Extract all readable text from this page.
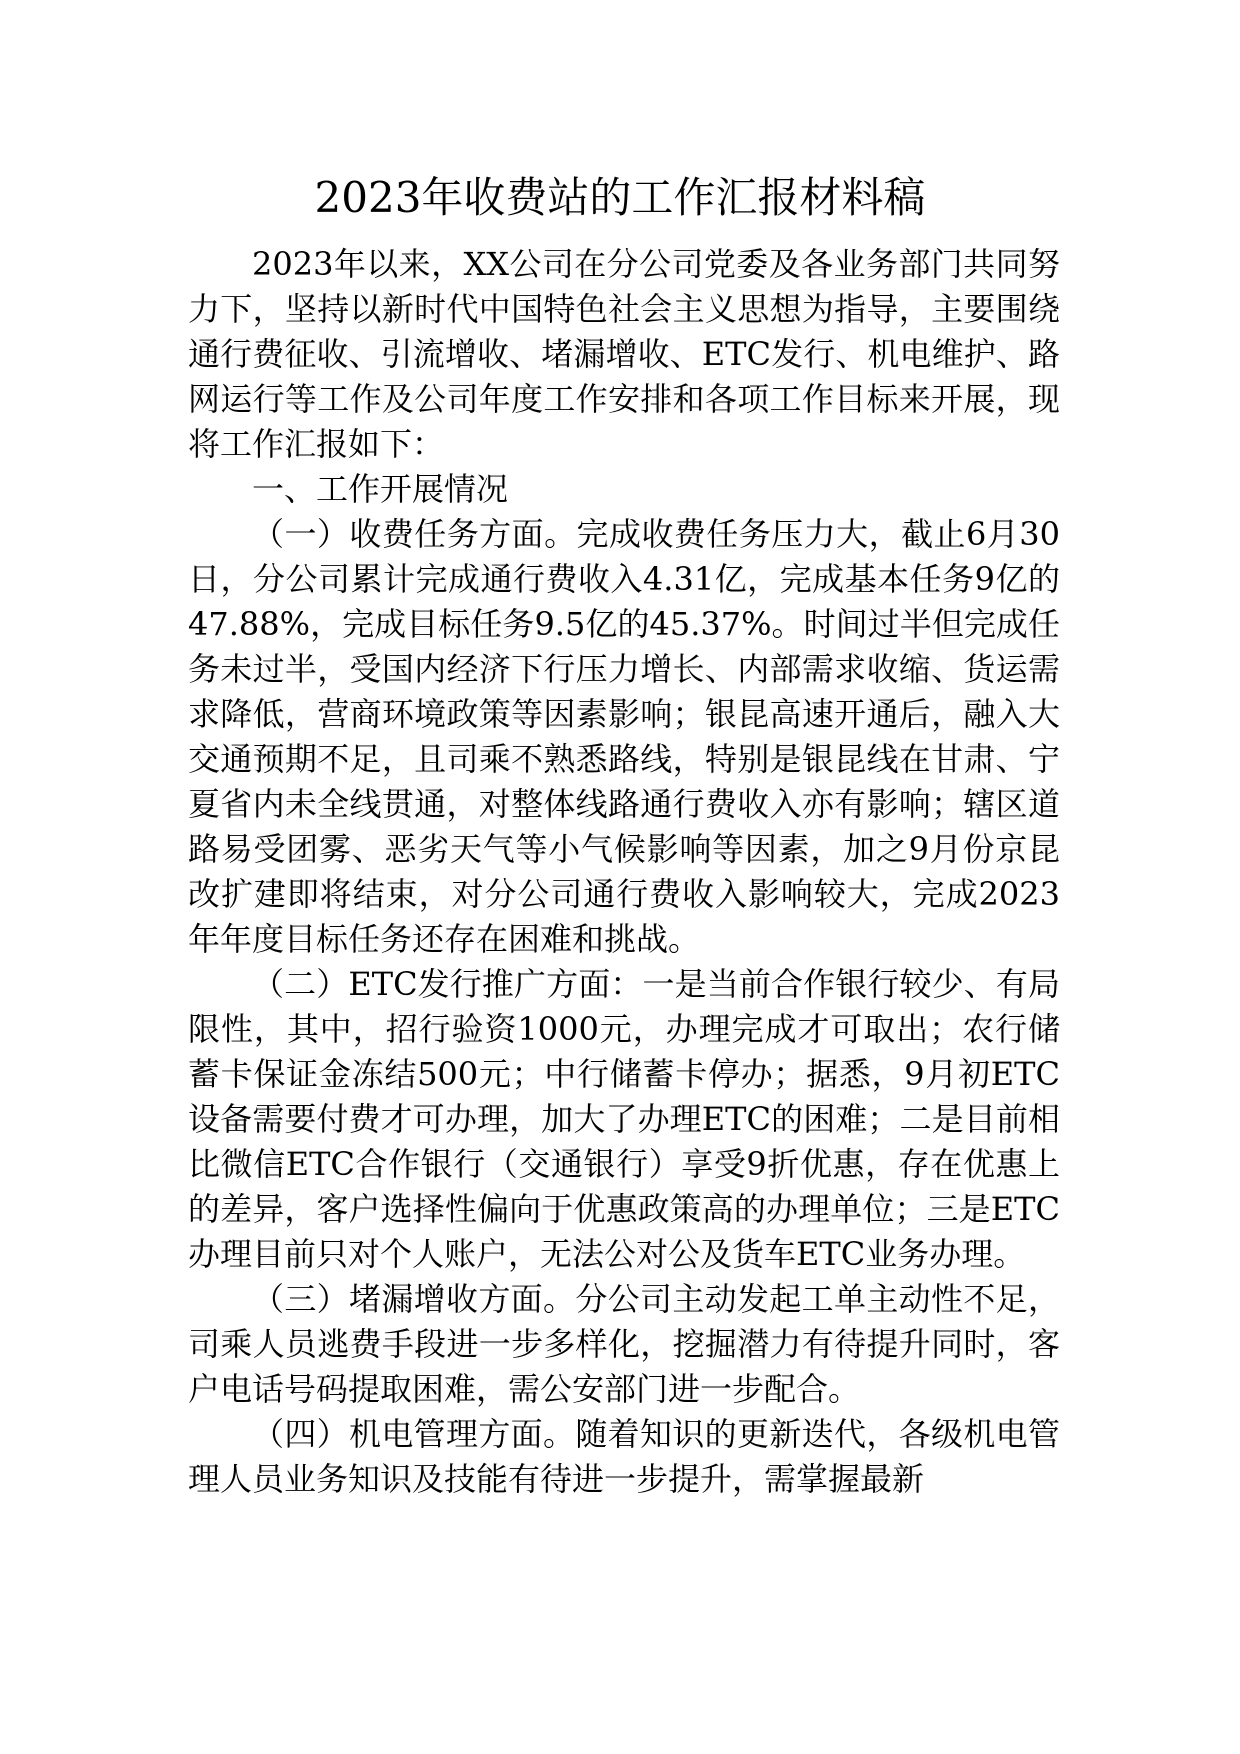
2023年收费站的工作汇报材料稿

2023年以来，XX公司在分公司党委及各业务部门共同努力下，坚持以新时代中国特色社会主义思想为指导，主要围绕通行费征收、引流增收、堵漏增收、ETC发行、机电维护、路网运行等工作及公司年度工作安排和各项工作目标来开展，现将工作汇报如下：

一、工作开展情况

（一）收费任务方面。完成收费任务压力大，截止6月30日，分公司累计完成通行费收入4.31亿，完成基本任务9亿的47.88%，完成目标任务9.5亿的45.37%。时间过半但完成任务未过半，受国内经济下行压力增长、内部需求收缩、货运需求降低，营商环境政策等因素影响；银昆高速开通后，融入大交通预期不足，且司乘不熟悉路线，特别是银昆线在甘肃、宁夏省内未全线贯通，对整体线路通行费收入亦有影响；辖区道路易受团雾、恶劣天气等小气候影响等因素，加之9月份京昆改扩建即将结束，对分公司通行费收入影响较大，完成2023年年度目标任务还存在困难和挑战。

（二）ETC发行推广方面：一是当前合作银行较少、有局限性，其中，招行验资1000元，办理完成才可取出；农行储蓄卡保证金冻结500元；中行储蓄卡停办；据悉，9月初ETC设备需要付费才可办理，加大了办理ETC的困难；二是目前相比微信ETC合作银行（交通银行）享受9折优惠，存在优惠上的差异，客户选择性偏向于优惠政策高的办理单位；三是ETC办理目前只对个人账户，无法公对公及货车ETC业务办理。

（三）堵漏增收方面。分公司主动发起工单主动性不足，司乘人员逃费手段进一步多样化，挖掘潜力有待提升同时，客户电话号码提取困难，需公安部门进一步配合。

（四）机电管理方面。随着知识的更新迭代，各级机电管理人员业务知识及技能有待进一步提升，需掌握最新
